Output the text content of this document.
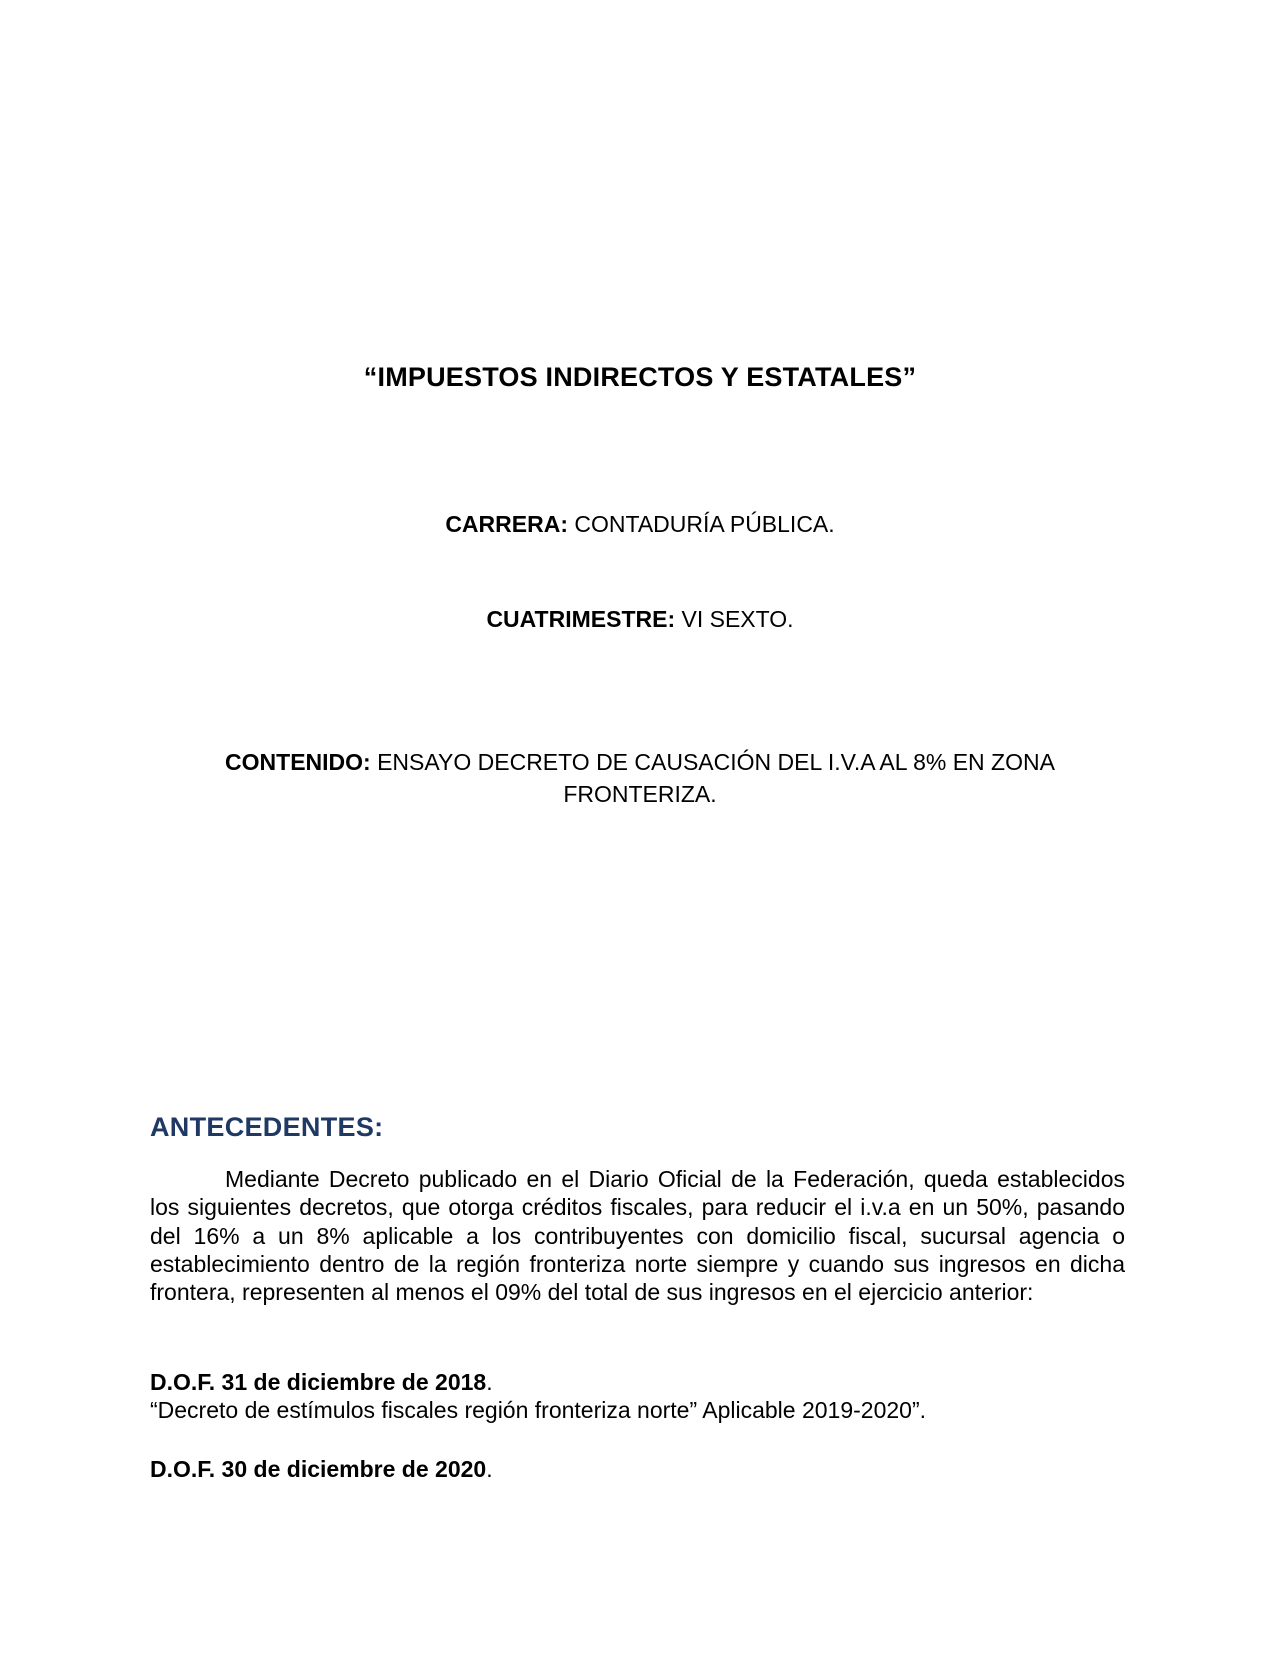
“IMPUESTOS INDIRECTOS Y ESTATALES”
CARRERA: CONTADURÍA PÚBLICA.
CUATRIMESTRE: VI SEXTO.
CONTENIDO: ENSAYO DECRETO DE CAUSACIÓN DEL I.V.A AL 8% EN ZONA FRONTERIZA.
ANTECEDENTES:
Mediante Decreto publicado en el Diario Oficial de la Federación, queda establecidos los siguientes decretos, que otorga créditos fiscales, para reducir el i.v.a en un 50%, pasando del 16% a un 8% aplicable a los contribuyentes con domicilio fiscal, sucursal agencia o establecimiento dentro de la región fronteriza norte siempre y cuando sus ingresos en dicha frontera, representen al menos el 09% del total de sus ingresos en el ejercicio anterior:
D.O.F. 31 de diciembre de 2018.
“Decreto de estímulos fiscales región fronteriza norte” Aplicable 2019-2020”.
D.O.F. 30 de diciembre de 2020.
